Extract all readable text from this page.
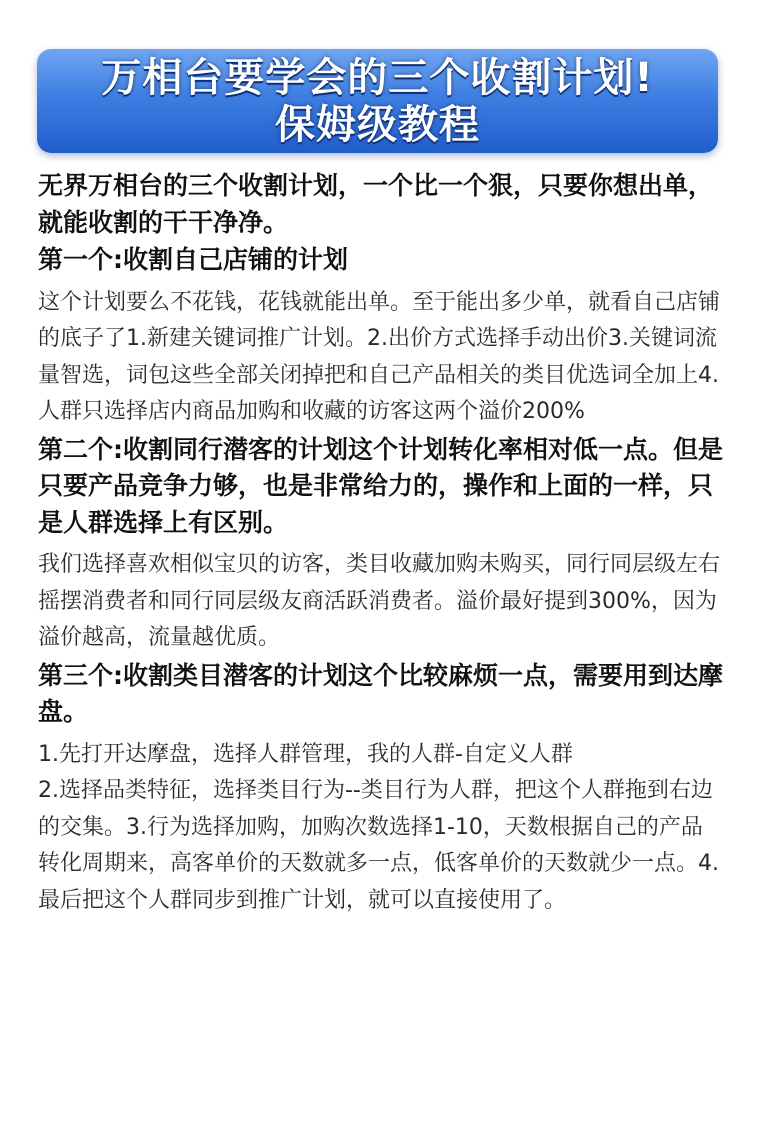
万相台要学会的三个收割计划!
保姆级教程

无界万相台的三个收割计划，一个比一个狠，只要你想出单，就能收割的干干净净。

第一个:收割自己店铺的计划

这个计划要么不花钱，花钱就能出单。至于能出多少单，就看自己店铺的底子了1.新建关键词推广计划。2.出价方式选择手动出价3.关键词流量智选，词包这些全部关闭掉把和自己产品相关的类目优选词全加上4.人群只选择店内商品加购和收藏的访客这两个溢价200%

第二个:收割同行潜客的计划这个计划转化率相对低一点。但是只要产品竞争力够，也是非常给力的，操作和上面的一样，只是人群选择上有区别。

我们选择喜欢相似宝贝的访客，类目收藏加购未购买，同行同层级左右摇摆消费者和同行同层级友商活跃消费者。溢价最好提到300%，因为溢价越高，流量越优质。

第三个:收割类目潜客的计划这个比较麻烦一点，需要用到达摩盘。

1.先打开达摩盘，选择人群管理，我的人群-自定义人群

2.选择品类特征，选择类目行为--类目行为人群，把这个人群拖到右边的交集。3.行为选择加购，加购次数选择1-10，天数根据自己的产品转化周期来，高客单价的天数就多一点，低客单价的天数就少一点。4.最后把这个人群同步到推广计划，就可以直接使用了。
